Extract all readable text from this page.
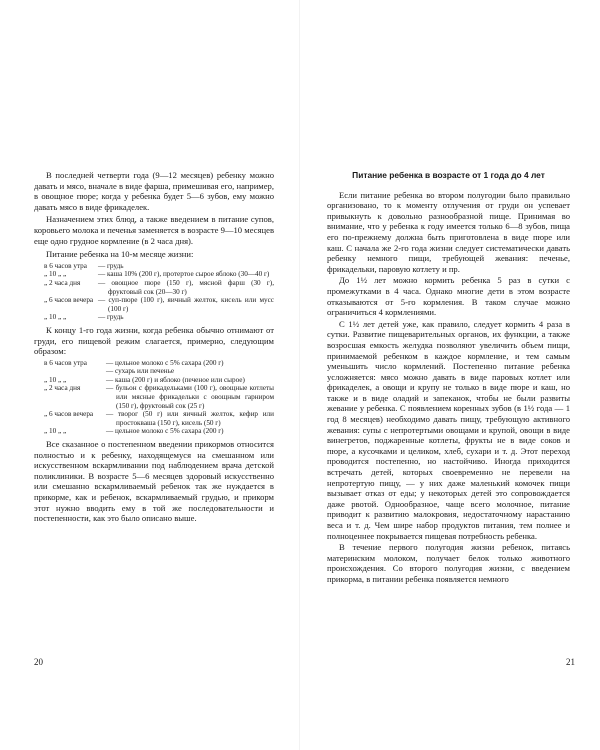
В последней четверти года (9—12 месяцев) ребенку можно давать и мясо, вначале в виде фарша, примешивая его, например, в овощное пюре; когда у ребенка будет 5—6 зубов, ему можно давать мясо в виде фрикаделек.

Назначением этих блюд, а также введением в питание супов, коровьего молока и печенья заменяется в возрасте 9—10 месяцев еще одно грудное кормление (в 2 часа дня).

Питание ребенка на 10-м месяце жизни:

в 6 часов утра	— грудь
„ 10 „ „	— каша 10% (200 г), протертое сырое яблоко (30—40 г)
„ 2 часа дня	— овощное пюре (150 г), мясной фарш (30 г), фруктовый сок (20—30 г)
„ 6 часов вечера — суп-пюре (100 г), яичный желток, кисель или мусс (100 г)
„ 10 „ „	— грудь

К концу 1-го года жизни, когда ребенка обычно отнимают от груди, его пищевой режим слагается, примерно, следующим образом:

в 6 часов утра	— цельное молоко с 5% сахара (200 г)
— сухарь или печенье
„ 10 „ „	— каша (200 г) и яблоко (печеное или сырое)
„ 2 часа дня	— бульон с фрикадельками (100 г), овощные котлеты или мясные фрикадельки с овощным гарниром (150 г), фруктовый сок (25 г)
„ 6 часов вечера	— творог (50 г) или яичный желток, кефир или простокваша (150 г), кисель (50 г)
„ 10 „ „	— цельное молоко с 5% сахара (200 г)

Все сказанное о постепенном введении прикормов относится полностью и к ребенку, находящемуся на смешанном или искусственном вскармливании под наблюдением врача детской поликлиники. В возрасте 5—6 месяцев здоровый искусственно или смешанно вскармливаемый ребенок так же нуждается в прикорме, как и ребенок, вскармливаемый грудью, и прикорм этот нужно вводить ему в той же последовательности и постепенности, как это было описано выше.

20
Питание ребенка в возрасте от 1 года до 4 лет

Если питание ребенка во втором полугодии было правильно организовано, то к моменту отлучения от груди он успевает привыкнуть к довольно разнообразной пище. Принимая во внимание, что у ребенка к году имеется только 6—8 зубов, пища его по-прежнему должна быть приготовлена в виде пюре или каш. С начала же 2-го года жизни следует систематически давать ребенку немного пищи, требующей жевания: печенье, фрикадельки, паровую котлету и пр.

До 1½ лет можно кормить ребенка 5 раз в сутки с промежутками в 4 часа. Однако многие дети в этом возрасте отказываются от 5-го кормления. В таком случае можно ограничиться 4 кормлениями.

С 1½ лет детей уже, как правило, следует кормить 4 раза в сутки. Развитие пищеварительных органов, их функции, а также возросшая емкость желудка позволяют увеличить объем пищи, принимаемой ребенком в каждое кормление, и тем самым уменьшить число кормлений. Постепенно питание ребенка усложняется: мясо можно давать в виде паровых котлет или фрикаделек, а овощи и крупу не только в виде пюре и каш, но также и в виде оладий и запеканок, чтобы не были развиты жевание у ребенка. С появлением коренных зубов (в 1½ года — 1 год 8 месяцев) необходимо давать пищу, требующую активного жевания: супы с непротертыми овощами и крупой, овощи в виде винегретов, поджаренные котлеты, фрукты не в виде соков и пюре, а кусочками и целиком, хлеб, сухари и т. д. Этот переход проводится постепенно, но настойчиво. Иногда приходится встречать детей, которых своевременно не перевели на непротертую пищу, — у них даже маленький комочек пищи вызывает отказ от еды; у некоторых детей это сопровождается даже рвотой. Однообразное, чаще всего молочное, питание приводит к развитию малокровия, недостаточному нарастанию веса и т. д. Чем шире набор продуктов питания, тем полнее и полноценнее покрывается пищевая потребность ребенка.

В течение первого полугодия жизни ребенок, питаясь материнским молоком, получает белок только животного происхождения. Со второго полугодия жизни, с введением прикорма, в питании ребенка появляется немного

21
